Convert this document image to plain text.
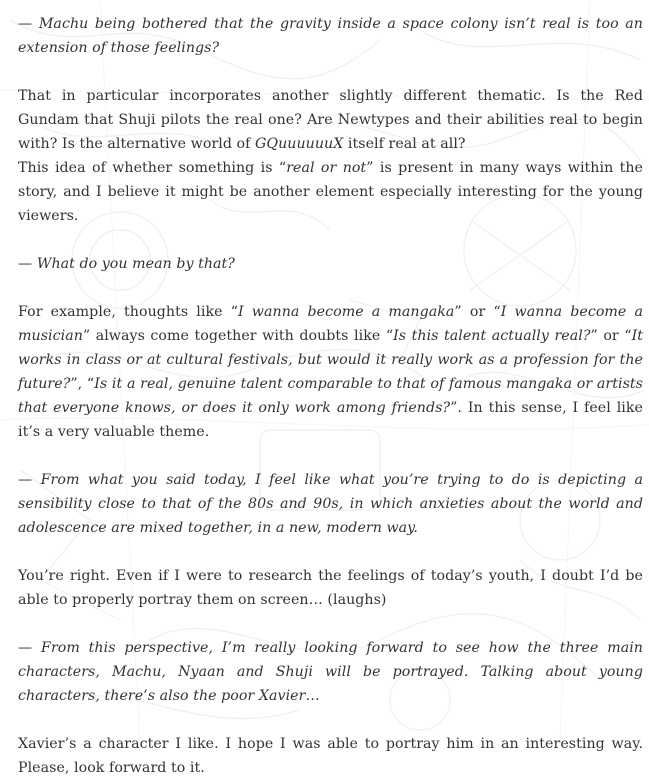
— Machu being bothered that the gravity inside a space colony isn’t real is too an extension of those feelings?

That in particular incorporates another slightly different thematic. Is the Red Gundam that Shuji pilots the real one? Are Newtypes and their abilities real to begin with? Is the alternative world of GQuuuuuuX itself real at all?

This idea of whether something is “real or not” is present in many ways within the story, and I believe it might be another element especially interesting for the young viewers.

— What do you mean by that?

For example, thoughts like “I wanna become a mangaka” or “I wanna become a musician” always come together with doubts like “Is this talent actually real?” or “It works in class or at cultural festivals, but would it really work as a profession for the future?”, “Is it a real, genuine talent comparable to that of famous mangaka or artists that everyone knows, or does it only work among friends?”. In this sense, I feel like it’s a very valuable theme.

— From what you said today, I feel like what you’re trying to do is depicting a sensibility close to that of the 80s and 90s, in which anxieties about the world and adolescence are mixed together, in a new, modern way.

You’re right. Even if I were to research the feelings of today’s youth, I doubt I’d be able to properly portray them on screen… (laughs)

— From this perspective, I’m really looking forward to see how the three main characters, Machu, Nyaan and Shuji will be portrayed. Talking about young characters, there’s also the poor Xavier…

Xavier’s a character I like. I hope I was able to portray him in an interesting way. Please, look forward to it.
